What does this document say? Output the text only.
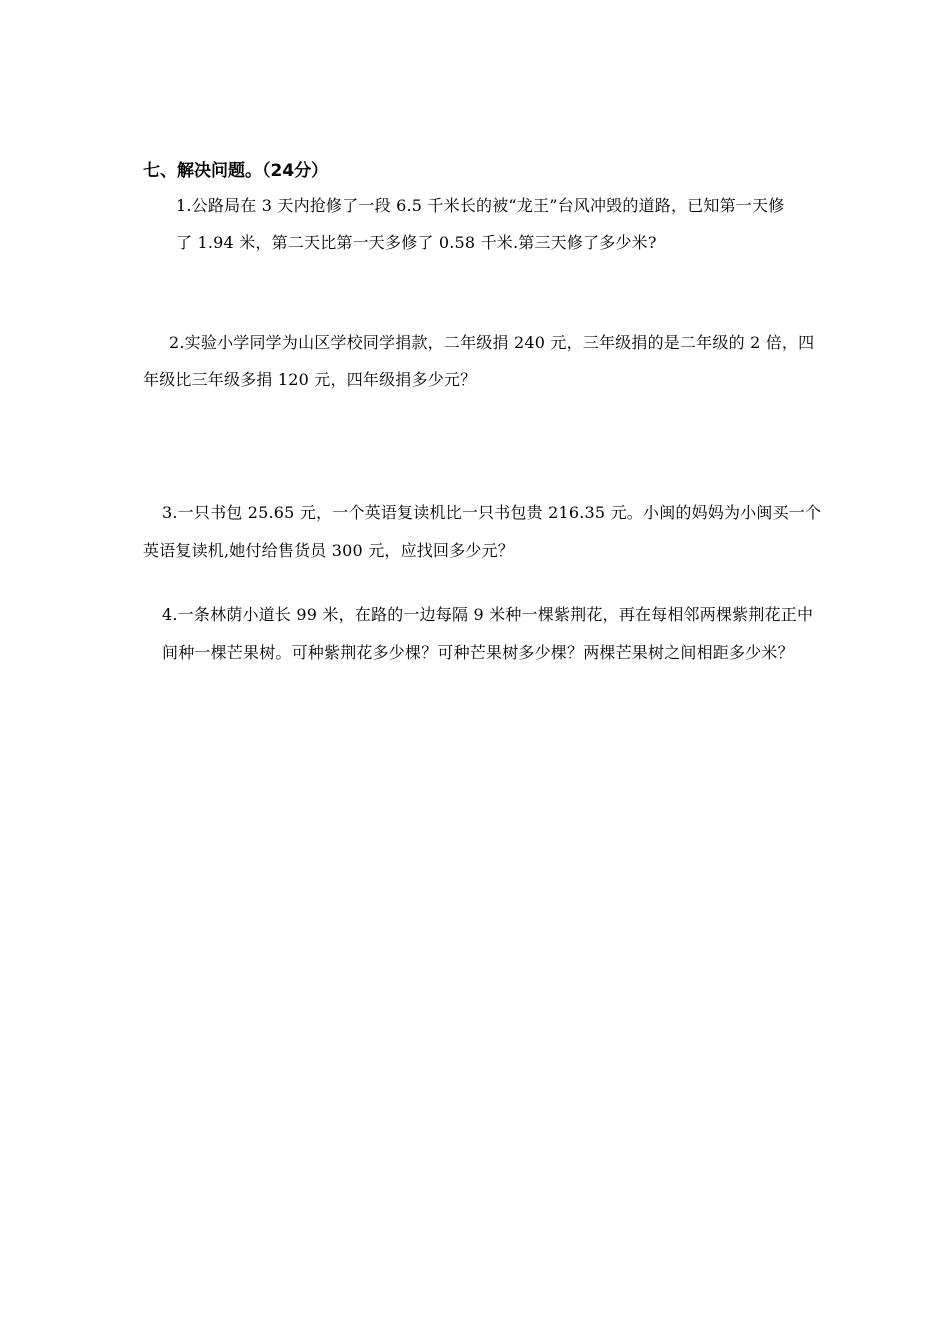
七、解决问题。（24分）
1.公路局在 3 天内抢修了一段 6.5 千米长的被“龙王”台风冲毁的道路，已知第一天修
了 1.94 米，第二天比第一天多修了 0.58 千米.第三天修了多少米?
2.实验小学同学为山区学校同学捐款，二年级捐 240 元，三年级捐的是二年级的 2 倍，四
年级比三年级多捐 120 元，四年级捐多少元？
3.一只书包 25.65 元，一个英语复读机比一只书包贵 216.35 元。小闽的妈妈为小闽买一个
英语复读机,她付给售货员 300 元，应找回多少元？
4.一条林荫小道长 99 米，在路的一边每隔 9 米种一棵紫荆花，再在每相邻两棵紫荆花正中
间种一棵芒果树。可种紫荆花多少棵？可种芒果树多少棵？两棵芒果树之间相距多少米？
